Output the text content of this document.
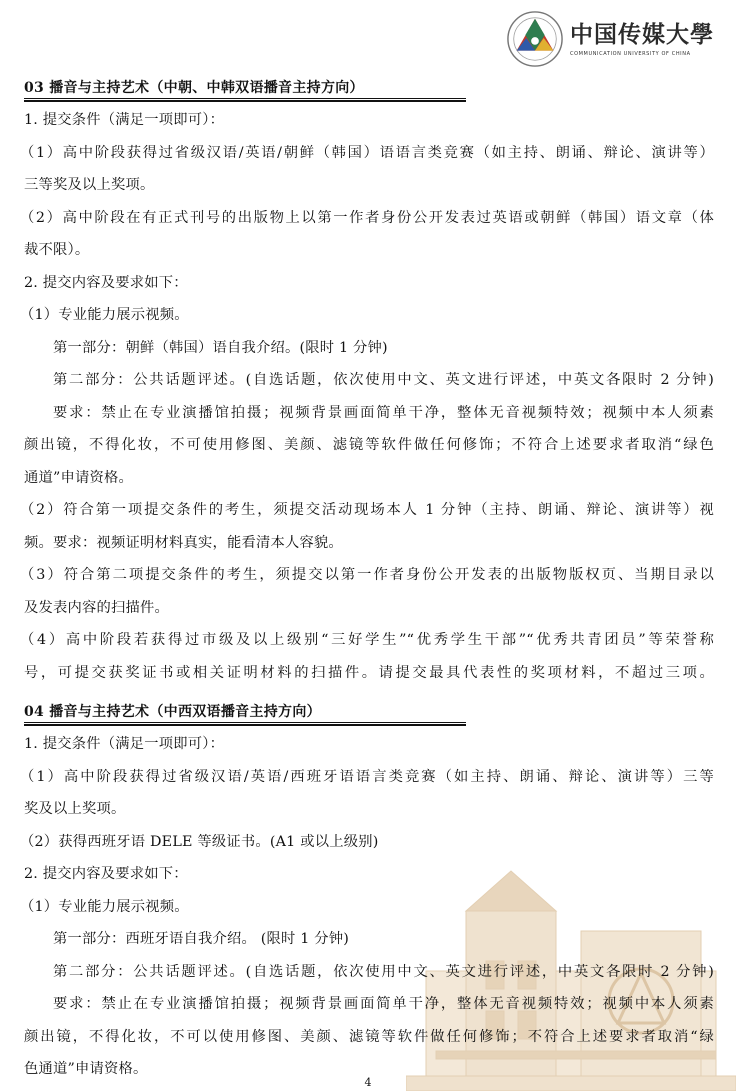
中国传媒大學
COMMUNICATION UNIVERSITY OF CHINA
03 播音与主持艺术（中朝、中韩双语播音主持方向）
1. 提交条件（满足一项即可）：
（1）高中阶段获得过省级汉语/英语/朝鲜（韩国）语语言类竞赛（如主持、朗诵、辩论、演讲等）
三等奖及以上奖项。
（2）高中阶段在有正式刊号的出版物上以第一作者身份公开发表过英语或朝鲜（韩国）语文章（体
裁不限）。
2. 提交内容及要求如下：
（1）专业能力展示视频。
第一部分：朝鲜（韩国）语自我介绍。(限时 1 分钟)
第二部分：公共话题评述。(自选话题，依次使用中文、英文进行评述，中英文各限时 2 分钟)
要求：禁止在专业演播馆拍摄；视频背景画面简单干净，整体无音视频特效；视频中本人须素
颜出镜，不得化妆，不可使用修图、美颜、滤镜等软件做任何修饰；不符合上述要求者取消“绿色
通道”申请资格。
（2）符合第一项提交条件的考生，须提交活动现场本人 1 分钟（主持、朗诵、辩论、演讲等）视
频。要求：视频证明材料真实，能看清本人容貌。
（3）符合第二项提交条件的考生，须提交以第一作者身份公开发表的出版物版权页、当期目录以
及发表内容的扫描件。
（4）高中阶段若获得过市级及以上级别“三好学生”“优秀学生干部”“优秀共青团员”等荣誉称
号，可提交获奖证书或相关证明材料的扫描件。请提交最具代表性的奖项材料，不超过三项。
04 播音与主持艺术（中西双语播音主持方向）
1. 提交条件（满足一项即可）：
（1）高中阶段获得过省级汉语/英语/西班牙语语言类竞赛（如主持、朗诵、辩论、演讲等）三等
奖及以上奖项。
（2）获得西班牙语 DELE 等级证书。(A1 或以上级别)
2. 提交内容及要求如下：
（1）专业能力展示视频。
第一部分：西班牙语自我介绍。 (限时 1 分钟)
第二部分：公共话题评述。(自选话题，依次使用中文、英文进行评述，中英文各限时 2 分钟)
要求：禁止在专业演播馆拍摄；视频背景画面简单干净，整体无音视频特效；视频中本人须素
颜出镜，不得化妆，不可以使用修图、美颜、滤镜等软件做任何修饰；不符合上述要求者取消“绿
色通道”申请资格。
4
